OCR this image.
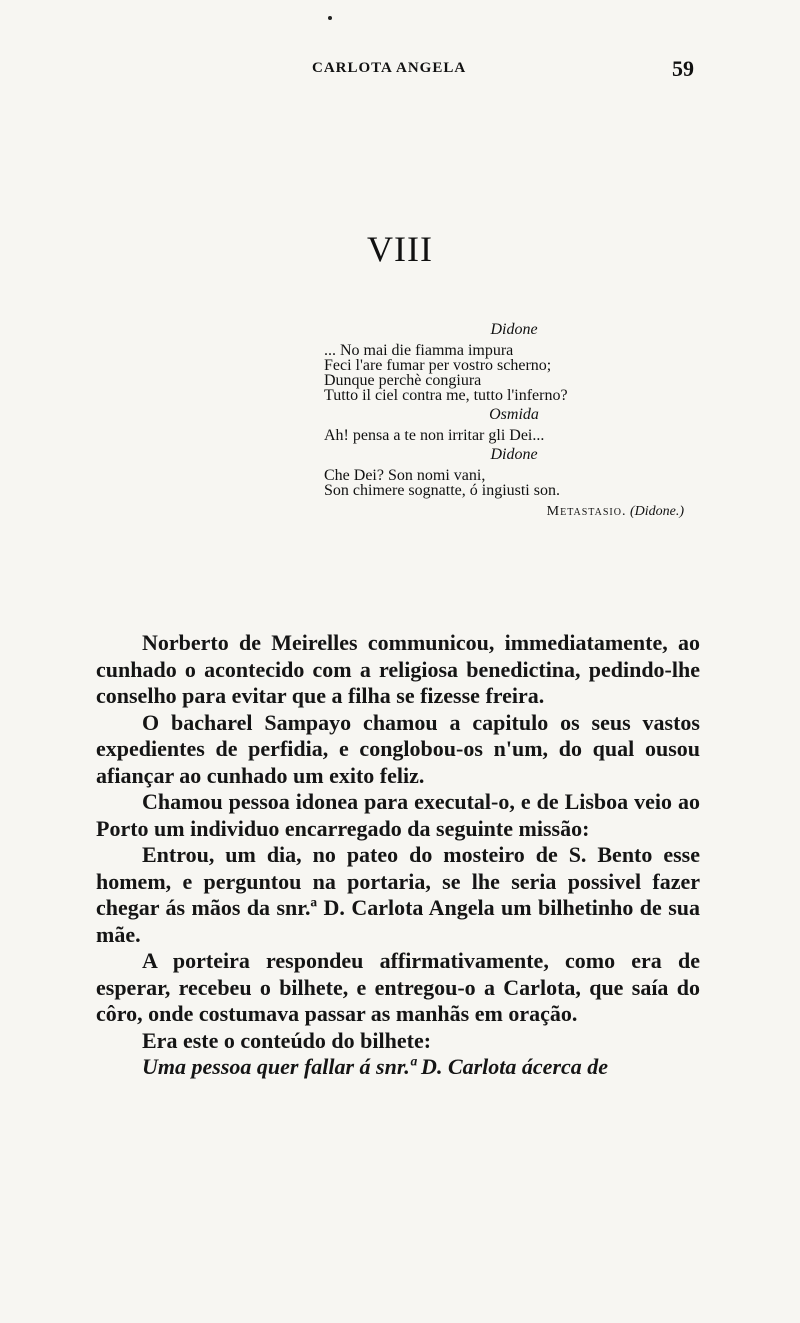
CARLOTA ANGELA	59
VIII
Didone

... No mai die fiamma impura

Feci l'are fumar per vostro scherno;

Dunque perchè congiura

Tutto il ciel contra me, tutto l'inferno?

Osmida

Ah! pensa a te non irritar gli Dei...

Didone

Che Dei? Son nomi vani,

Son chimere sognatte, ó ingiusti son.

Metastasio. (Didone.)

Norberto de Meirelles communicou, immediatamente, ao cunhado o acontecido com a religiosa benedictina, pedindo-lhe conselho para evitar que a filha se fizesse freira.

O bacharel Sampayo chamou a capitulo os seus vastos expedientes de perfidia, e conglobou-os n'um, do qual ousou afiançar ao cunhado um exito feliz.

Chamou pessoa idonea para executal-o, e de Lisboa veio ao Porto um individuo encarregado da seguinte missão:

Entrou, um dia, no pateo do mosteiro de S. Bento esse homem, e perguntou na portaria, se lhe seria possivel fazer chegar ás mãos da snr.ª D. Carlota Angela um bilhetinho de sua mãe.

A porteira respondeu affirmativamente, como era de esperar, recebeu o bilhete, e entregou-o a Carlota, que saía do côro, onde costumava passar as manhãs em oração.

Era este o conteúdo do bilhete:

Uma pessoa quer fallar á snr.ª D. Carlota ácerca de
